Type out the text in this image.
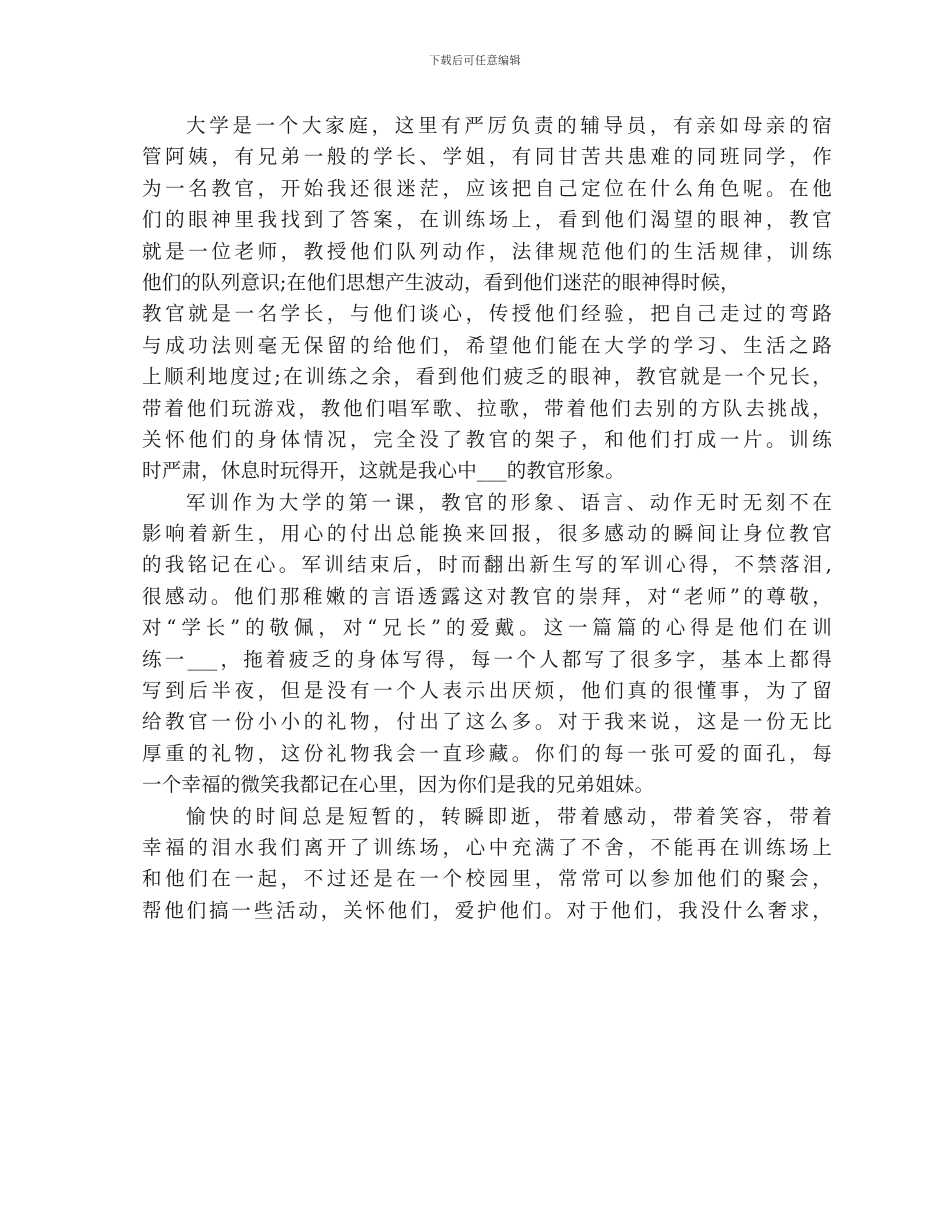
下载后可任意编辑
大学是一个大家庭，这里有严厉负责的辅导员，有亲如母亲的宿
管阿姨，有兄弟一般的学长、学姐，有同甘苦共患难的同班同学，作
为一名教官，开始我还很迷茫，应该把自己定位在什么角色呢。在他
们的眼神里我找到了答案，在训练场上，看到他们渴望的眼神，教官
就是一位老师，教授他们队列动作，法律规范他们的生活规律，训练
他们的队列意识;在他们思想产生波动，看到他们迷茫的眼神得时候，
教官就是一名学长，与他们谈心，传授他们经验，把自己走过的弯路
与成功法则毫无保留的给他们，希望他们能在大学的学习、生活之路
上顺利地度过;在训练之余，看到他们疲乏的眼神，教官就是一个兄长，
带着他们玩游戏，教他们唱军歌、拉歌，带着他们去别的方队去挑战，
关怀他们的身体情况，完全没了教官的架子，和他们打成一片。训练
时严肃，休息时玩得开，这就是我心中___的教官形象。
军训作为大学的第一课，教官的形象、语言、动作无时无刻不在
影响着新生，用心的付出总能换来回报，很多感动的瞬间让身位教官
的我铭记在心。军训结束后，时而翻出新生写的军训心得，不禁落泪,
很感动。他们那稚嫩的言语透露这对教官的崇拜，对“老师”的尊敬，
对“学长”的敬佩，对“兄长”的爱戴。这一篇篇的心得是他们在训
练一___，拖着疲乏的身体写得，每一个人都写了很多字，基本上都得
写到后半夜，但是没有一个人表示出厌烦，他们真的很懂事，为了留
给教官一份小小的礼物，付出了这么多。对于我来说，这是一份无比
厚重的礼物，这份礼物我会一直珍藏。你们的每一张可爱的面孔，每
一个幸福的微笑我都记在心里，因为你们是我的兄弟姐妹。
愉快的时间总是短暂的，转瞬即逝，带着感动，带着笑容，带着
幸福的泪水我们离开了训练场，心中充满了不舍，不能再在训练场上
和他们在一起，不过还是在一个校园里，常常可以参加他们的聚会，
帮他们搞一些活动，关怀他们，爱护他们。对于他们，我没什么奢求，
